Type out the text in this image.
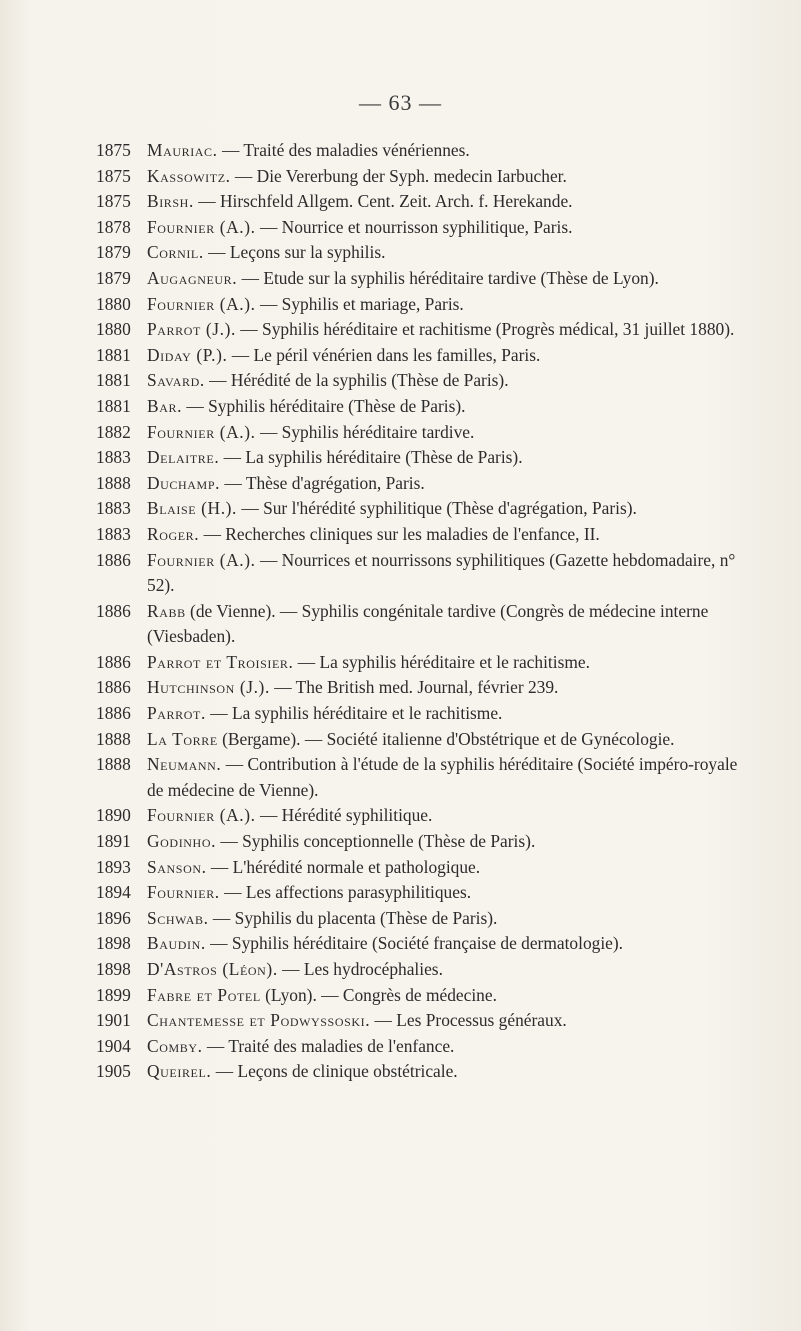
— 63 —
1875 Mauriac. — Traité des maladies vénériennes.
1875 Kassowitz. — Die Vererbung der Syph. medecin Iarbucher.
1875 Birsh. — Hirschfeld Allgem. Cent. Zeit. Arch. f. Herekande.
1878 Fournier (A.). — Nourrice et nourrisson syphilitique, Paris.
1879 Cornil. — Leçons sur la syphilis.
1879 Augagneur. — Etude sur la syphilis héréditaire tardive (Thèse de Lyon).
1880 Fournier (A.). — Syphilis et mariage, Paris.
1880 Parrot (J.). — Syphilis héréditaire et rachitisme (Progrès médical, 31 juillet 1880).
1881 Diday (P.). — Le péril vénérien dans les familles, Paris.
1881 Savard. — Hérédité de la syphilis (Thèse de Paris).
1881 Bar. — Syphilis héréditaire (Thèse de Paris).
1882 Fournier (A.). — Syphilis héréditaire tardive.
1883 Delaitre. — La syphilis héréditaire (Thèse de Paris).
1888 Duchamp. — Thèse d'agrégation, Paris.
1883 Blaise (H.). — Sur l'hérédité syphilitique (Thèse d'agrégation, Paris).
1883 Roger. — Recherches cliniques sur les maladies de l'enfance, II.
1886 Fournier (A.). — Nourrices et nourrissons syphilitiques (Gazette hebdomadaire, n° 52).
1886 Rabb (de Vienne). — Syphilis congénitale tardive (Congrès de médecine interne (Viesbaden).
1886 Parrot et Troisier. — La syphilis héréditaire et le rachitisme.
1886 Hutchinson (J.). — The British med. Journal, février 239.
1886 Parrot. — La syphilis héréditaire et le rachitisme.
1888 La Torre (Bergame). — Société italienne d'Obstétrique et de Gynécologie.
1888 Neumann. — Contribution à l'étude de la syphilis héréditaire (Société impéro-royale de médecine de Vienne).
1890 Fournier (A.). — Hérédité syphilitique.
1891 Godinho. — Syphilis conceptionnelle (Thèse de Paris).
1893 Sanson. — L'hérédité normale et pathologique.
1894 Fournier. — Les affections parasyphilitiques.
1896 Schwab. — Syphilis du placenta (Thèse de Paris).
1898 Baudin. — Syphilis héréditaire (Société française de dermatologie).
1898 D'Astros (Léon). — Les hydrocéphalies.
1899 Fabre et Potel (Lyon). — Congrès de médecine.
1901 Chantemesse et Podwyssoski. — Les Processus généraux.
1904 Comby. — Traité des maladies de l'enfance.
1905 Queirel. — Leçons de clinique obstétricale.
